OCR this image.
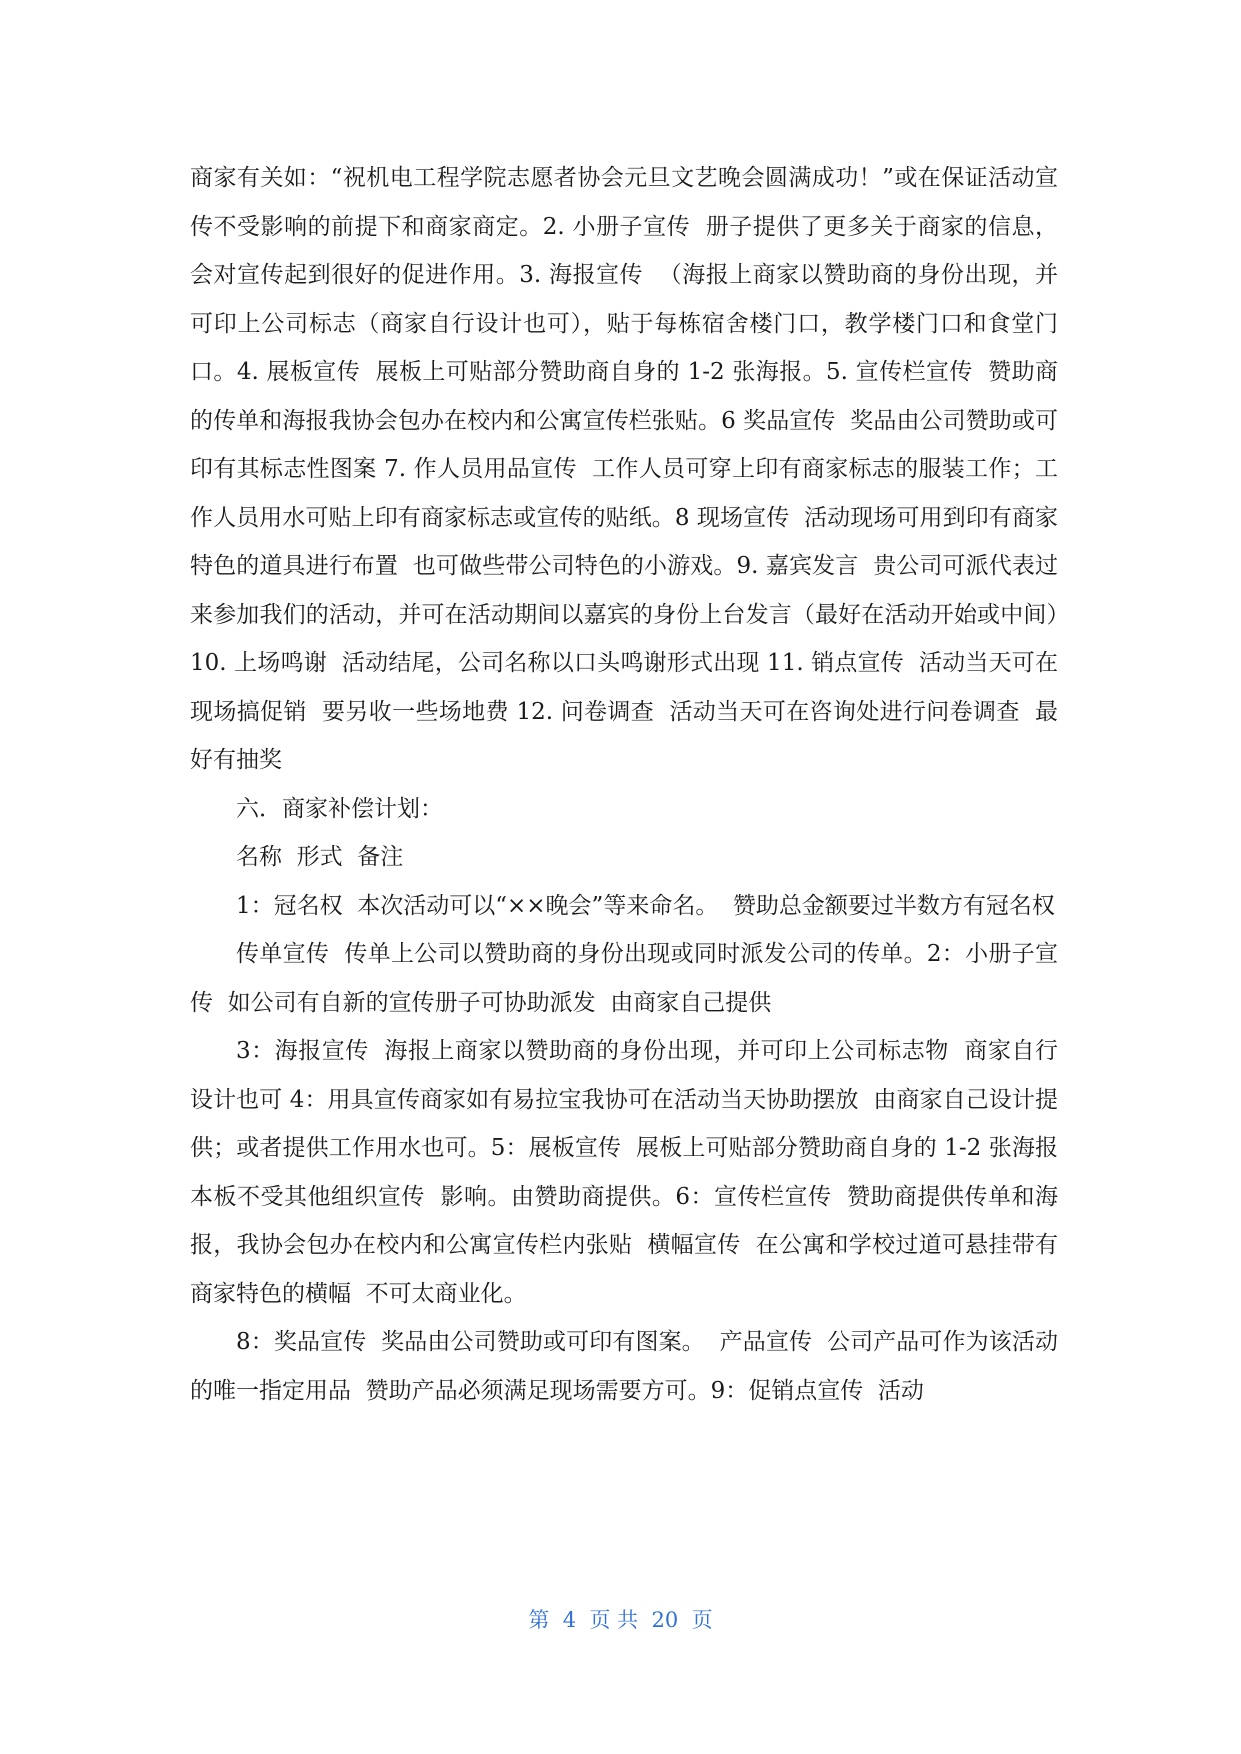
商家有关如：“祝机电工程学院志愿者协会元旦文艺晚会圆满成功！”或在保证活动宣传不受影响的前提下和商家商定。2. 小册子宣传  册子提供了更多关于商家的信息，会对宣传起到很好的促进作用。3. 海报宣传  （海报上商家以赞助商的身份出现，并可印上公司标志（商家自行设计也可），贴于每栋宿舍楼门口，教学楼门口和食堂门口。4. 展板宣传  展板上可贴部分赞助商自身的 1-2 张海报。5. 宣传栏宣传  赞助商的传单和海报我协会包办在校内和公寓宣传栏张贴。6 奖品宣传  奖品由公司赞助或可印有其标志性图案 7. 作人员用品宣传  工作人员可穿上印有商家标志的服装工作；工作人员用水可贴上印有商家标志或宣传的贴纸。8 现场宣传  活动现场可用到印有商家特色的道具进行布置  也可做些带公司特色的小游戏。9. 嘉宾发言  贵公司可派代表过来参加我们的活动，并可在活动期间以嘉宾的身份上台发言（最好在活动开始或中间）10. 上场鸣谢  活动结尾，公司名称以口头鸣谢形式出现 11. 销点宣传  活动当天可在现场搞促销  要另收一些场地费 12. 问卷调查  活动当天可在咨询处进行问卷调查  最好有抽奖

六．商家补偿计划：

名称  形式  备注

1：冠名权  本次活动可以“××晚会”等来命名。  赞助总金额要过半数方有冠名权

传单宣传  传单上公司以赞助商的身份出现或同时派发公司的传单。2：小册子宣传  如公司有自新的宣传册子可协助派发  由商家自己提供

3：海报宣传  海报上商家以赞助商的身份出现，并可印上公司标志物  商家自行设计也可 4：用具宣传商家如有易拉宝我协可在活动当天协助摆放  由商家自己设计提  供；或者提供工作用水也可。5：展板宣传  展板上可贴部分赞助商自身的 1-2 张海报  本板不受其他组织宣传  影响。由赞助商提供。6：宣传栏宣传  赞助商提供传单和海报，我协会包办在校内和公寓宣传栏内张贴  横幅宣传  在公寓和学校过道可悬挂带有商家特色的横幅  不可太商业化。

8：奖品宣传  奖品由公司赞助或可印有图案。  产品宣传  公司产品可作为该活动的唯一指定用品  赞助产品必须满足现场需要方可。9：促销点宣传  活动

第  4  页 共  20  页
